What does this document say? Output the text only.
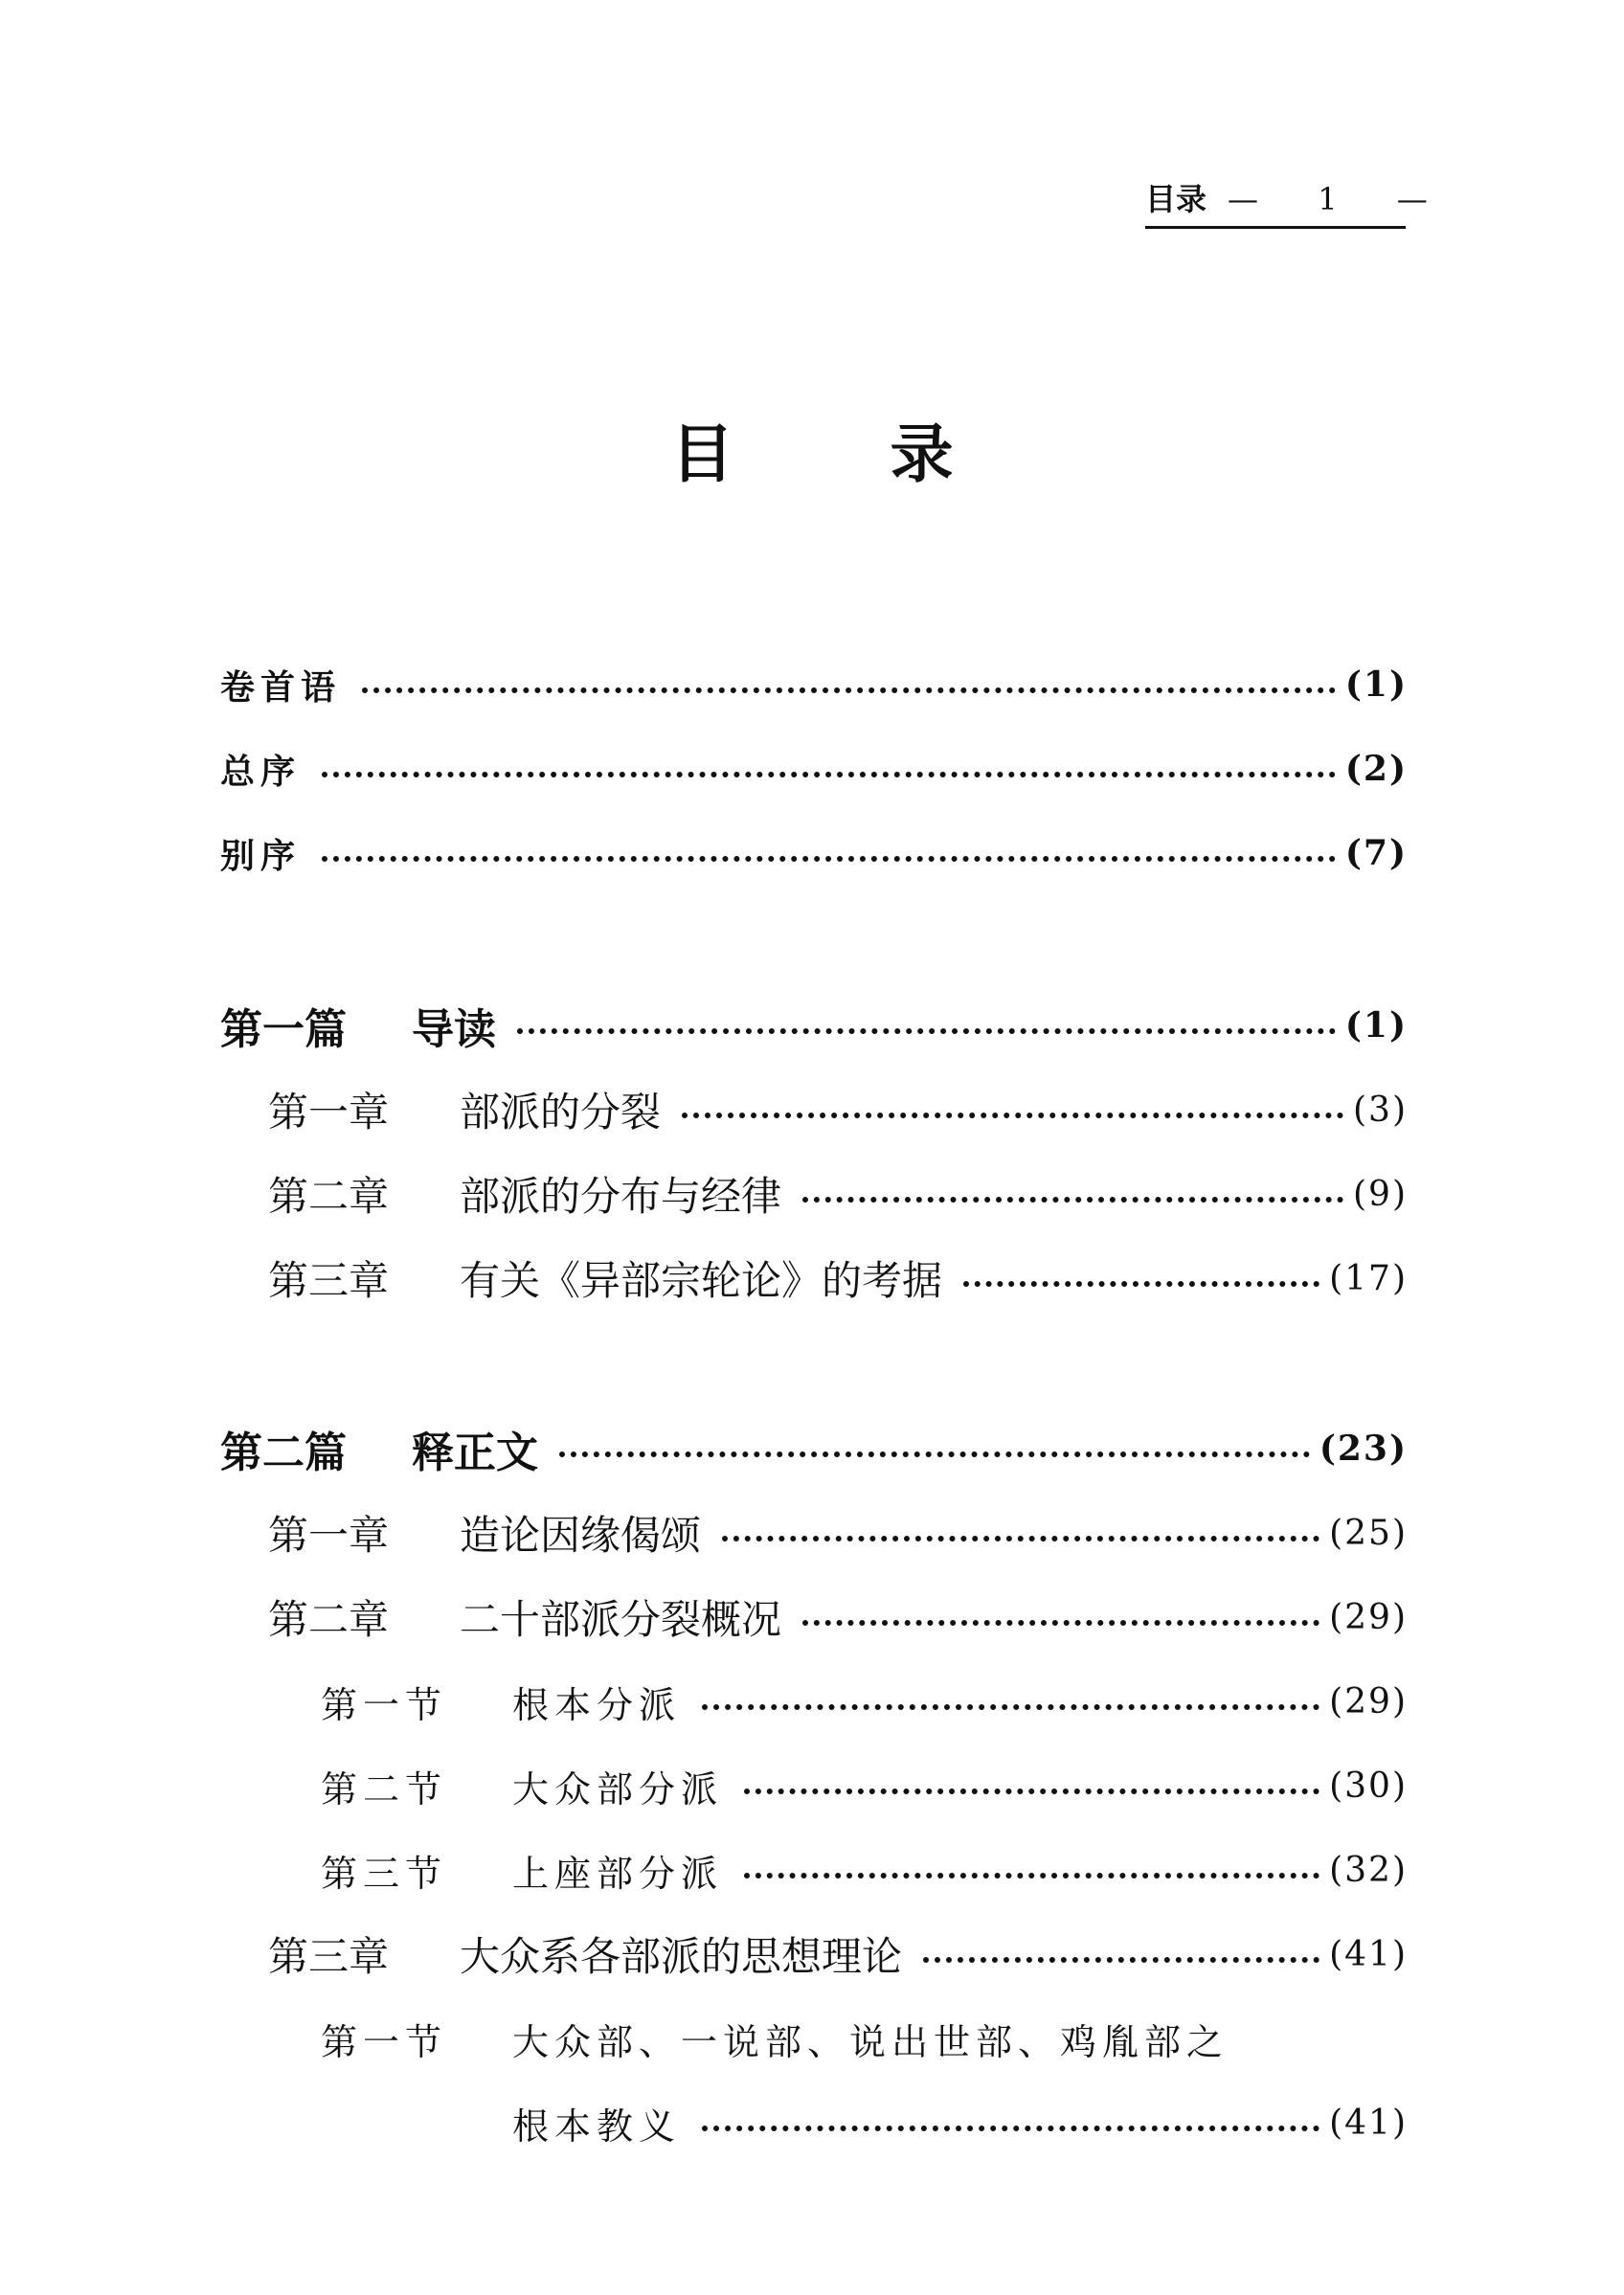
目录 — 1 —
目 录
卷首语	(1)
总序	(2)
别序	(7)
第一篇	导读	(1)
第一章	部派的分裂	(3)
第二章	部派的分布与经律	(9)
第三章	有关《异部宗轮论》的考据	(17)
第二篇	释正文	(23)
第一章	造论因缘偈颂	(25)
第二章	二十部派分裂概况	(29)
第一节	根本分派	(29)
第二节	大众部分派	(30)
第三节	上座部分派	(32)
第三章	大众系各部派的思想理论	(41)
第一节	大众部、一说部、说出世部、鸡胤部之
根本教义	(41)
